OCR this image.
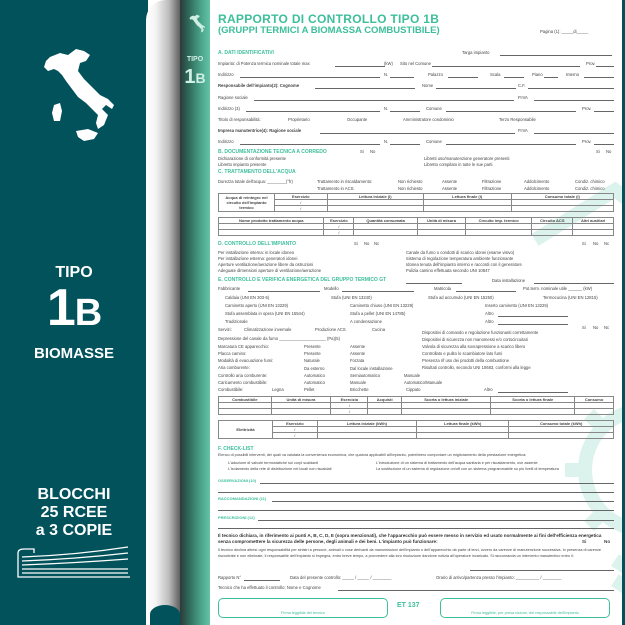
TIPO
1B
BIOMASSE
BLOCCHI
25 RCEE
a 3 COPIE
TIPO
1B
RAPPORTO DI CONTROLLO TIPO 1B
(GRUPPI TERMICI A BIOMASSA COMBUSTIBILE)	Pagina (1): _____di_____
A. DATI IDENTIFICATIVI	Targa impianto
Impianto: di Potenza termica nominale totale max	(kW) Sito nel Comune	Prov.
Indirizzo	N.	Palazzo	Scala	Piano	Interno
Responsabile dell'impianto(2): Cognome	Nome	C.F.
Ragione sociale	P.IVA
Indirizzo (3)	N.	Comune	Prov.
Titolo di responsabilità:	Proprietario	Occupante	Amministratore condominio	Terzo Responsabile
Impresa manutentrice(4): Ragione sociale	P.IVA
Indirizzo	N.	Comune	Prov.
B. DOCUMENTAZIONE TECNICA A CORREDO	Si No	Si No
Dichiarazione di conformità presente
Libretto impianto presente
Libretti uso/manutenzione generatore presenti
Libretto compilato in tutte le sue parti
C. TRATTAMENTO DELL'ACQUA
Durezza totale dell'acqua: ________(°fr)	Trattamento in riscaldamento:
Trattamento in ACS:
Non richiesto	Assente	Filtrazione	Addolcimento	Condiz. chimico
Non richiesto	Assente	Filtrazione	Addolcimento	Condiz. chimico
Acqua di reintegro nel circuito dell'impianto termico	Esercizio	Lettura iniziale (l)	Lettura finale (l)	Consumo totale (l)
	/			
	/			
Nome prodotto trattamento acqua	Esercizio	Quantità consumata	Unità di misura	Circuito imp. termico	Circuito ACS	Altri ausiliari
	/					
	/					
D. CONTROLLO DELL'IMPIANTO	Si No Nc	Si No Nc
Per installazione interna: in locale idoneo
Per installazione esterna: generatori idonei
Aperture ventilazione/aerazione libere da ostruzioni
Adeguate dimensioni aperture di ventilazione/aerazione
Canale da fumo o condotti di scarico idonei (esame visivo)
Sistema di regolazione temperatura ambiente funzionante
Idonea tenuta dell'impianto interno e raccordi con il generatore
Pulizia camino effettuata secondo UNI 10847
E. CONTROLLO E VERIFICA ENERGETICA DEL GRUPPO TERMICO GT	Data installazione
Fabbricante	Modello	Matricola	Pot.term. nominale utile ______ (kW)
Caldaia (UNI EN 303-5)	Stufa (UNI EN 13240)	Stufa ad accumulo (UNI EN 15250)	Termocucina (UNI EN 12815)
Caminetto aperto (UNI EN 13229)	Caminetto chiuso (UNI EN 13229)	Inserto caminetto (UNI EN 13229)
Stufa assemblata in opera (UNI EN 15544)	Stufa a pellet (UNI EN 14785)	Altro
Tradizionale	A condensazione	Altro
Servizi:	Climatizzazione invernale	Produzione ACS	Cucina
Depressione del canale da fumo ____________________ (Pa)(5)
Marcatura CE apparecchio:	Presente	Assente
Placca camino:	Presente	Assente
Modalità di evacuazione fumi:	Naturale	Forzata
Aria comburente:	Da esterno	Dal locale installazione
Controllo aria comburente:	Automatico	Semiautomatico	Manuale
Caricamento combustibile:	Automatico	Manuale	Automatico/Manuale
Combustibile:	Legna	Pellet	Bricchette	Cippato	Altro
Si No Nc
Dispositivi di comando e regolazione funzionanti correttamente
Dispositivi di sicurezza non manomessi e/o cortocircuitati
Valvola di sicurezza alla sovrapressione a scarico libero
Controllato e pulito lo scambiatore lato fumi
Presenza rif uso dei prodotti della combustione
Risultati controllo, secondo UNI 10683, conformi alla legge
Combustibile	Unità di misura	Esercizio	Acquisti	Scorta o lettura iniziale	Scorta o lettura finale	Consumo
		/				
		/				
Elettricità	Esercizio	Lettura iniziale (kWh)	Lettura finale (kWh)	Consumo totale (kWh)
	/			
	/			
F. CHECK-LIST
Elenco di possibili interventi, dei quali va valutata la convenienza economica, che qualora applicabili all'impianto, potrebbero comportare un miglioramento della prestazione energetica:
L'adozione di valvole termostatiche sui corpi scaldanti	L'introduzione di un sistema di trattamento dell'acqua sanitaria e per riscaldamento, ove assente
L'isolamento della rete di distribuzione nei locali non riscaldati	La sostituzione di un sistema di regolazione on/off con un sistema programmabile su più livelli di temperatura
OSSERVAZIONI (10)
RACCOMANDAZIONI (11)
PRESCRIZIONI (12)
Il tecnico dichiara, in riferimento ai punti A, B, C, D, E (sopra menzionati), che l'apparecchio può essere messo in servizio ed usato normalmente ai fini dell'efficienza energetica senza compromettere la sicurezza delle persone, degli animali e dei beni. L'impianto può funzionare:	Si	No
Il tecnico declina altresì ogni responsabilità per sinistri a persone, animali o cose derivanti da manomissioni dell'impianto o dell'apparecchio da parte di terzi, ovvero da carenze di manutenzione successiva. In presenza di carenze riscontrate e non eliminate, il responsabile dell'impianto si impegna, entro breve tempo, a provvedere alla loro risoluzione dandone notizia all'operatore incaricato. Si raccomanda un intervento manutentivo entro il:
Rapporto N°	Data del presente controllo: _____ / _____ / ________	Orario di arrivo/partenza presso l'impianto: __________ / ________
Tecnico che ha effettuato il controllo: Nome e Cognome
Firma leggibile del tecnico
ET 137
Firma leggibile, per presa visione, del responsabile dell'impianto
